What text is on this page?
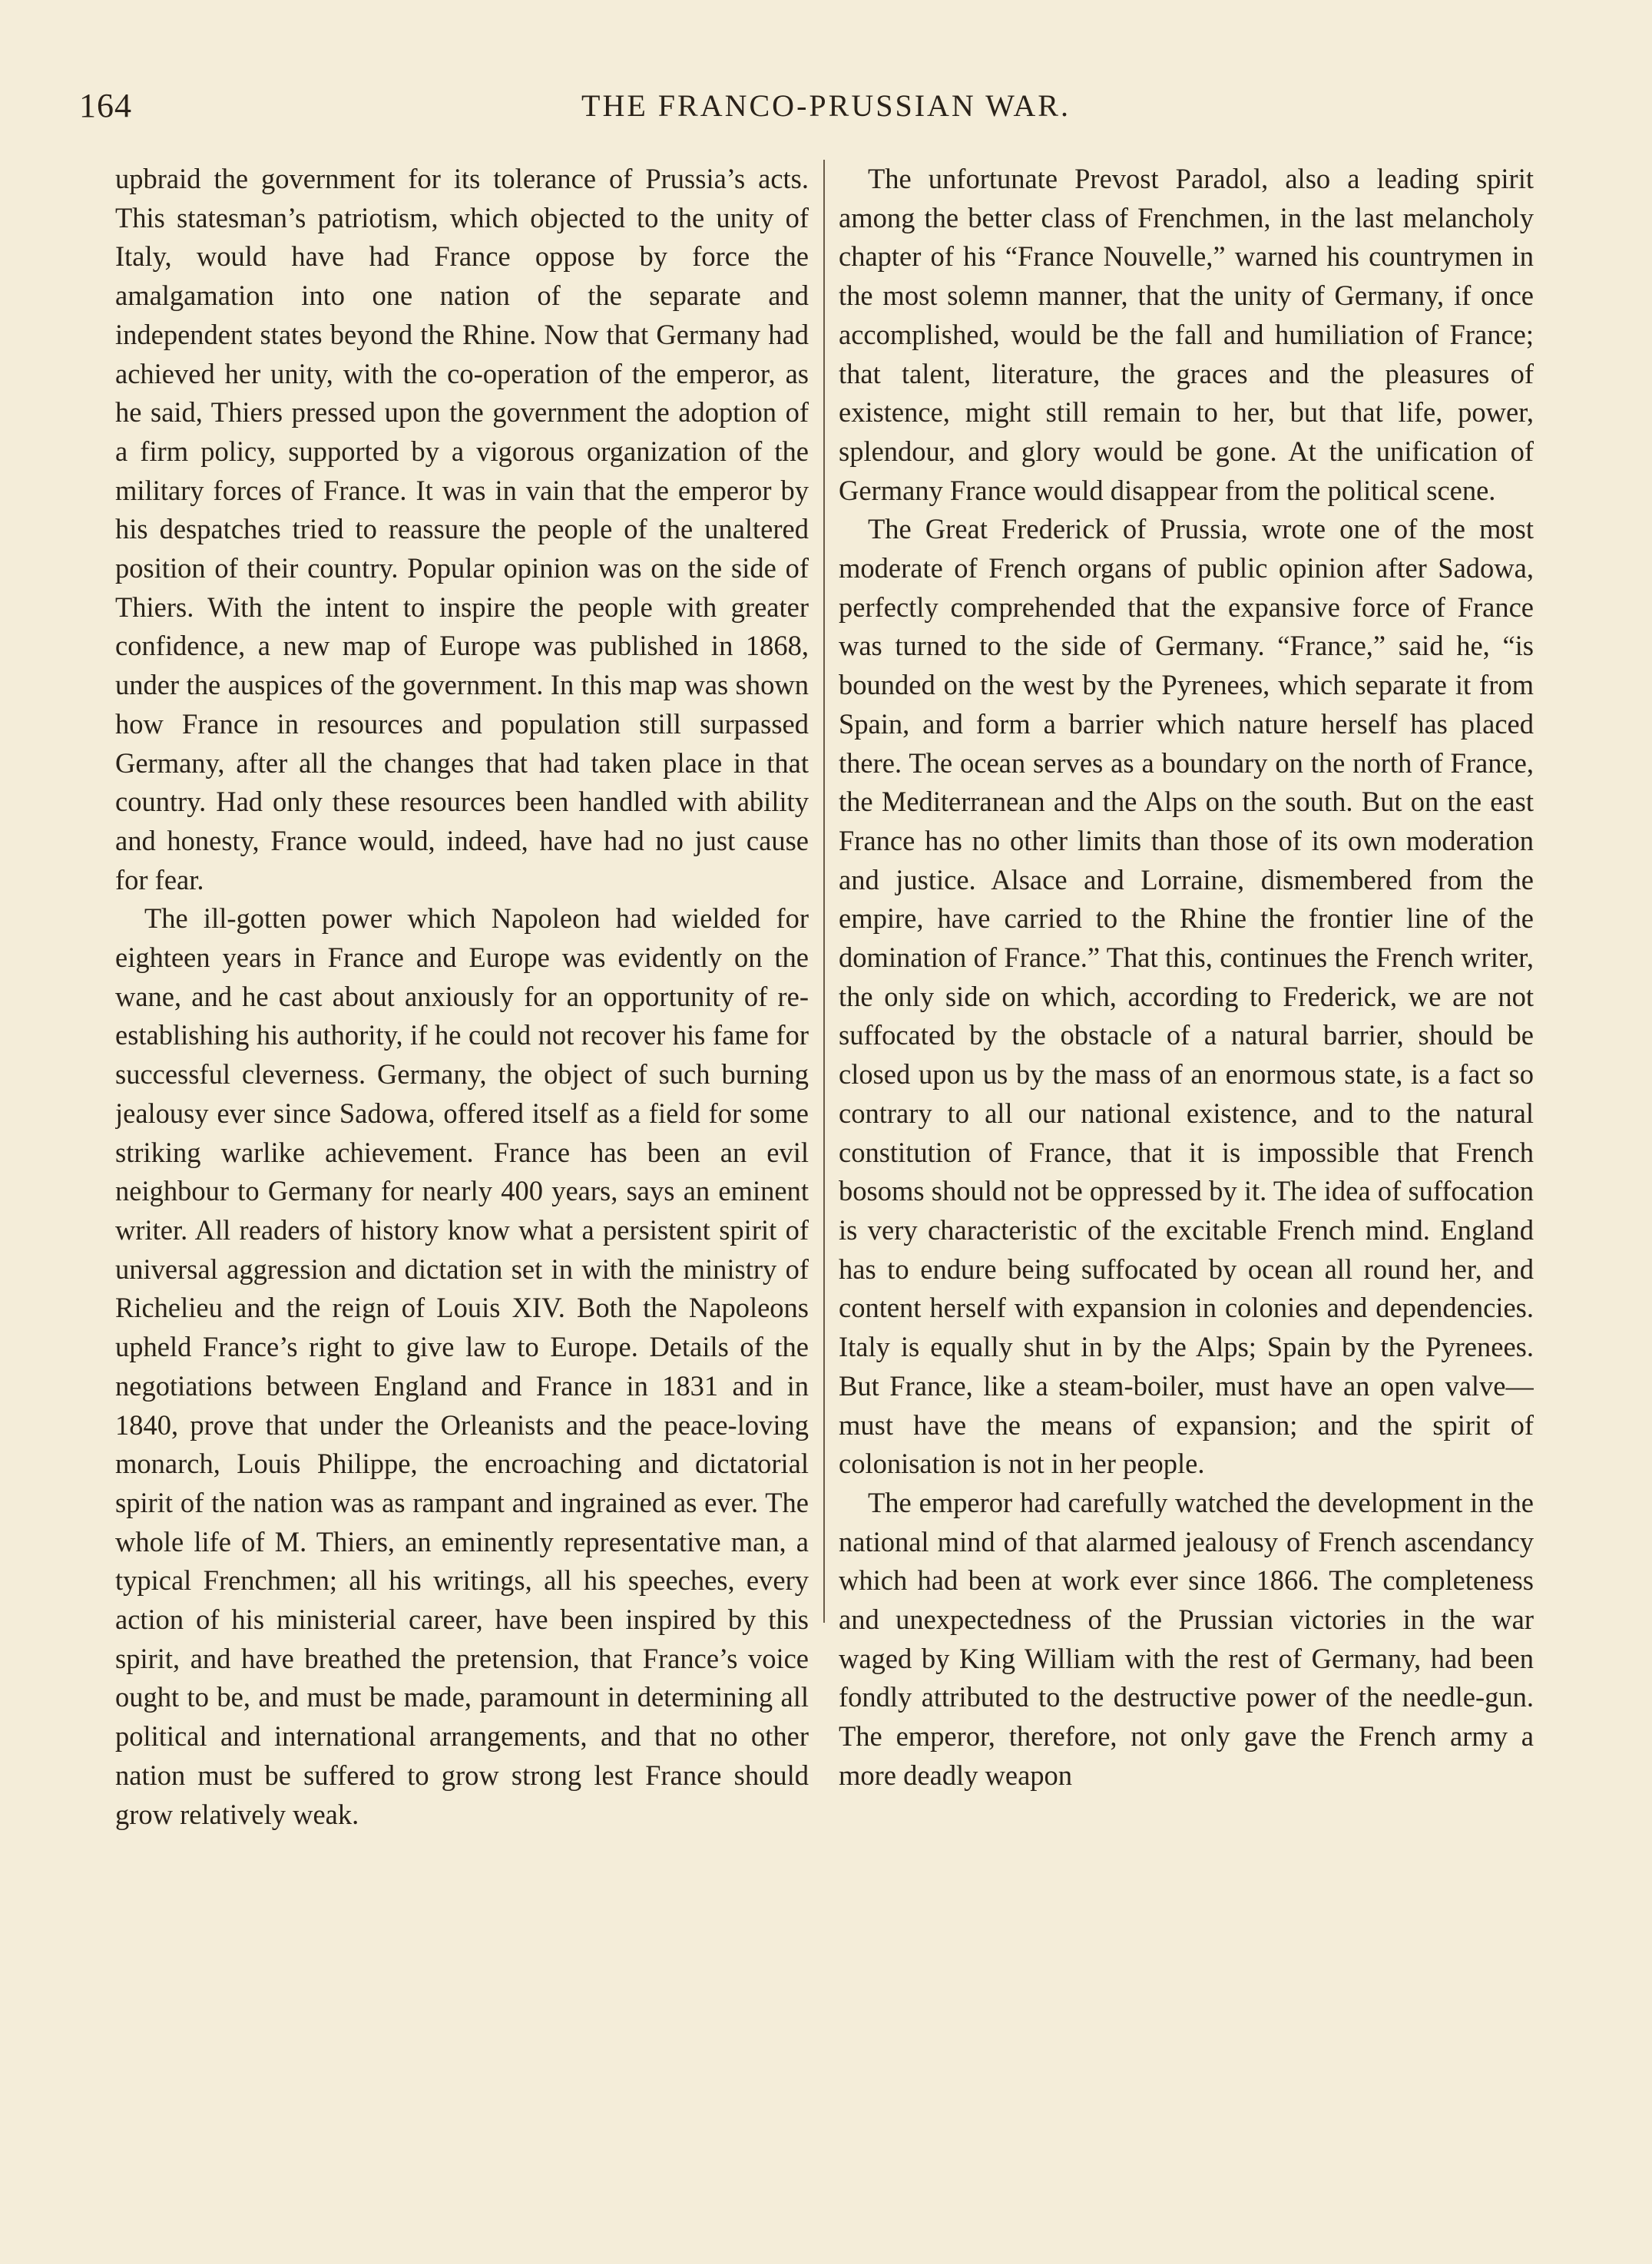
164	THE FRANCO-PRUSSIAN WAR.

upbraid the government for its tolerance of Prussia’s acts. This statesman’s patriotism, which objected to the unity of Italy, would have had France oppose by force the amalgamation into one nation of the separate and independent states beyond the Rhine. Now that Germany had achieved her unity, with the co-operation of the emperor, as he said, Thiers pressed upon the government the adoption of a firm policy, supported by a vigorous organization of the military forces of France. It was in vain that the emperor by his despatches tried to reassure the people of the unaltered position of their country. Popular opinion was on the side of Thiers. With the intent to inspire the people with greater confidence, a new map of Europe was published in 1868, under the auspices of the government. In this map was shown how France in resources and population still surpassed Germany, after all the changes that had taken place in that country. Had only these resources been handled with ability and honesty, France would, indeed, have had no just cause for fear.

The ill-gotten power which Napoleon had wielded for eighteen years in France and Europe was evidently on the wane, and he cast about anxiously for an opportunity of re-establishing his authority, if he could not recover his fame for successful cleverness. Germany, the object of such burning jealousy ever since Sadowa, offered itself as a field for some striking warlike achievement. France has been an evil neighbour to Germany for nearly 400 years, says an eminent writer. All readers of history know what a persistent spirit of universal aggression and dictation set in with the ministry of Richelieu and the reign of Louis XIV. Both the Napoleons upheld France’s right to give law to Europe. Details of the negotiations between England and France in 1831 and in 1840, prove that under the Orleanists and the peace-loving monarch, Louis Philippe, the encroaching and dictatorial spirit of the nation was as rampant and ingrained as ever. The whole life of M. Thiers, an eminently representative man, a typical Frenchmen; all his writings, all his speeches, every action of his ministerial career, have been inspired by this spirit, and have breathed the pretension, that France’s voice ought to be, and must be made, paramount in determining all political and international arrangements, and that no other nation must be suffered to grow strong lest France should grow relatively weak.

The unfortunate Prevost Paradol, also a leading spirit among the better class of Frenchmen, in the last melancholy chapter of his “France Nouvelle,” warned his countrymen in the most solemn manner, that the unity of Germany, if once accomplished, would be the fall and humiliation of France; that talent, literature, the graces and the pleasures of existence, might still remain to her, but that life, power, splendour, and glory would be gone. At the unification of Germany France would disappear from the political scene.

The Great Frederick of Prussia, wrote one of the most moderate of French organs of public opinion after Sadowa, perfectly comprehended that the expansive force of France was turned to the side of Germany. “France,” said he, “is bounded on the west by the Pyrenees, which separate it from Spain, and form a barrier which nature herself has placed there. The ocean serves as a boundary on the north of France, the Mediterranean and the Alps on the south. But on the east France has no other limits than those of its own moderation and justice. Alsace and Lorraine, dismembered from the empire, have carried to the Rhine the frontier line of the domination of France.” That this, continues the French writer, the only side on which, according to Frederick, we are not suffocated by the obstacle of a natural barrier, should be closed upon us by the mass of an enormous state, is a fact so contrary to all our national existence, and to the natural constitution of France, that it is impossible that French bosoms should not be oppressed by it. The idea of suffocation is very characteristic of the excitable French mind. England has to endure being suffocated by ocean all round her, and content herself with expansion in colonies and dependencies. Italy is equally shut in by the Alps; Spain by the Pyrenees. But France, like a steam-boiler, must have an open valve—must have the means of expansion; and the spirit of colonisation is not in her people.

The emperor had carefully watched the development in the national mind of that alarmed jealousy of French ascendancy which had been at work ever since 1866. The completeness and unexpectedness of the Prussian victories in the war waged by King William with the rest of Germany, had been fondly attributed to the destructive power of the needle-gun. The emperor, therefore, not only gave the French army a more deadly weapon
